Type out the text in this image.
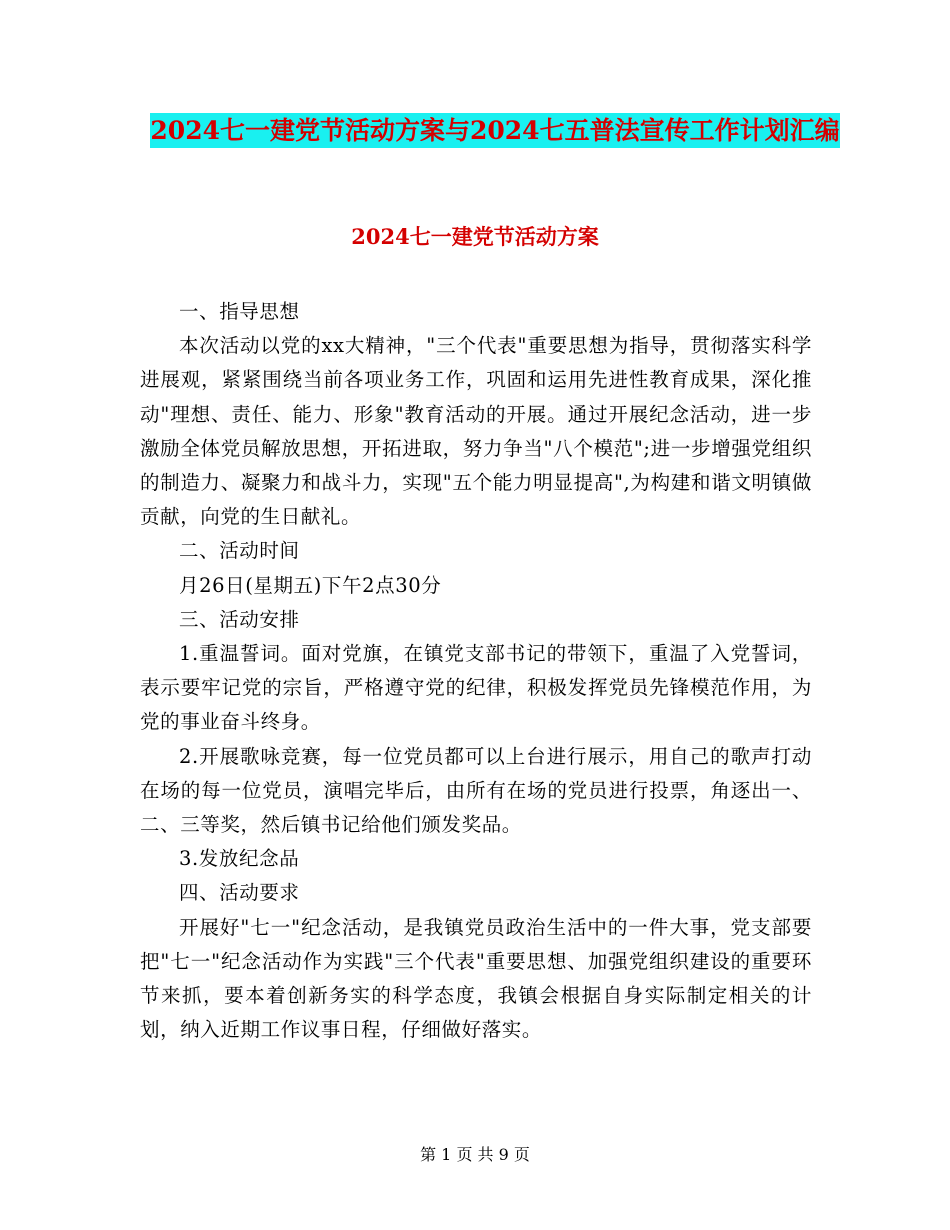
2024七一建党节活动方案与2024七五普法宣传工作计划汇编
2024七一建党节活动方案

一、指导思想

本次活动以党的xx大精神，"三个代表"重要思想为指导，贯彻落实科学进展观，紧紧围绕当前各项业务工作，巩固和运用先进性教育成果，深化推动"理想、责任、能力、形象"教育活动的开展。通过开展纪念活动，进一步激励全体党员解放思想，开拓进取，努力争当"八个模范";进一步增强党组织的制造力、凝聚力和战斗力，实现"五个能力明显提高",为构建和谐文明镇做贡献，向党的生日献礼。

二、活动时间

月26日(星期五)下午2点30分

三、活动安排

1.重温誓词。面对党旗，在镇党支部书记的带领下，重温了入党誓词，表示要牢记党的宗旨，严格遵守党的纪律，积极发挥党员先锋模范作用，为党的事业奋斗终身。

2.开展歌咏竞赛，每一位党员都可以上台进行展示，用自己的歌声打动在场的每一位党员，演唱完毕后，由所有在场的党员进行投票，角逐出一、二、三等奖，然后镇书记给他们颁发奖品。

3.发放纪念品

四、活动要求

开展好"七一"纪念活动，是我镇党员政治生活中的一件大事，党支部要把"七一"纪念活动作为实践"三个代表"重要思想、加强党组织建设的重要环节来抓，要本着创新务实的科学态度，我镇会根据自身实际制定相关的计划，纳入近期工作议事日程，仔细做好落实。

第 1 页 共 9 页
